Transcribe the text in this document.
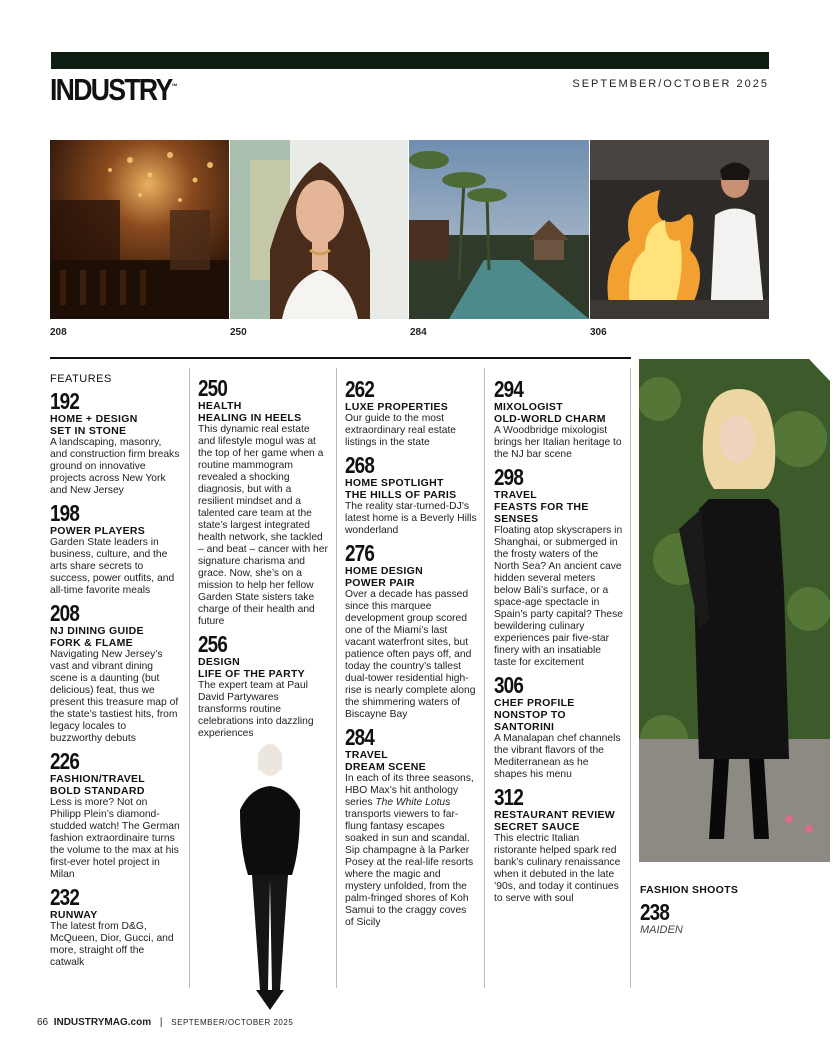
INDUSTRY™	SEPTEMBER/OCTOBER 2025
208	250	284	306
FEATURES
192
HOME + DESIGN
SET IN STONE
A landscaping, masonry, and construction firm breaks ground on innovative projects across New York and New Jersey
198
POWER PLAYERS
Garden State leaders in business, culture, and the arts share secrets to success, power outfits, and all-time favorite meals
208
NJ DINING GUIDE
FORK & FLAME
Navigating New Jersey’s vast and vibrant dining scene is a daunting (but delicious) feat, thus we present this treasure map of the state’s tastiest hits, from legacy locales to buzzworthy debuts
226
FASHION/TRAVEL
BOLD STANDARD
Less is more? Not on Philipp Plein’s diamond-studded watch! The German fashion extraordinaire turns the volume to the max at his first-ever hotel project in Milan
232
RUNWAY
The latest from D&G, McQueen, Dior, Gucci, and more, straight off the catwalk
250
HEALTH
HEALING IN HEELS
This dynamic real estate and lifestyle mogul was at the top of her game when a routine mammogram revealed a shocking diagnosis, but with a resilient mindset and a talented care team at the state’s largest integrated health network, she tackled – and beat – cancer with her signature charisma and grace. Now, she’s on a mission to help her fellow Garden State sisters take charge of their health and future
256
DESIGN
LIFE OF THE PARTY
The expert team at Paul David Partywares transforms routine celebrations into dazzling experiences
262
LUXE PROPERTIES
Our guide to the most extraordinary real estate listings in the state
268
HOME SPOTLIGHT
THE HILLS OF PARIS
The reality star-turned-DJ’s latest home is a Beverly Hills wonderland
276
HOME DESIGN
POWER PAIR
Over a decade has passed since this marquee development group scored one of the Miami’s last vacant waterfront sites, but patience often pays off, and today the country’s tallest dual-tower residential high-rise is nearly complete along the shimmering waters of Biscayne Bay
284
TRAVEL
DREAM SCENE
In each of its three seasons, HBO Max’s hit anthology series The White Lotus transports viewers to far-flung fantasy escapes soaked in sun and scandal. Sip champagne à la Parker Posey at the real-life resorts where the magic and mystery unfolded, from the palm-fringed shores of Koh Samui to the craggy coves of Sicily
294
MIXOLOGIST
OLD-WORLD CHARM
A Woodbridge mixologist brings her Italian heritage to the NJ bar scene
298
TRAVEL
FEASTS FOR THE SENSES
Floating atop skyscrapers in Shanghai, or submerged in the frosty waters of the North Sea? An ancient cave hidden several meters below Bali’s surface, or a space-age spectacle in Spain’s party capital? These bewildering culinary experiences pair five-star finery with an insatiable taste for excitement
306
CHEF PROFILE
NONSTOP TO SANTORINI
A Manalapan chef channels the vibrant flavors of the Mediterranean as he shapes his menu
312
RESTAURANT REVIEW
SECRET SAUCE
This electric Italian ristorante helped spark red bank’s culinary renaissance when it debuted in the late ’90s, and today it continues to serve with soul
FASHION SHOOTS
238
MAIDEN
66 INDUSTRYMAG.com | SEPTEMBER/OCTOBER 2025
